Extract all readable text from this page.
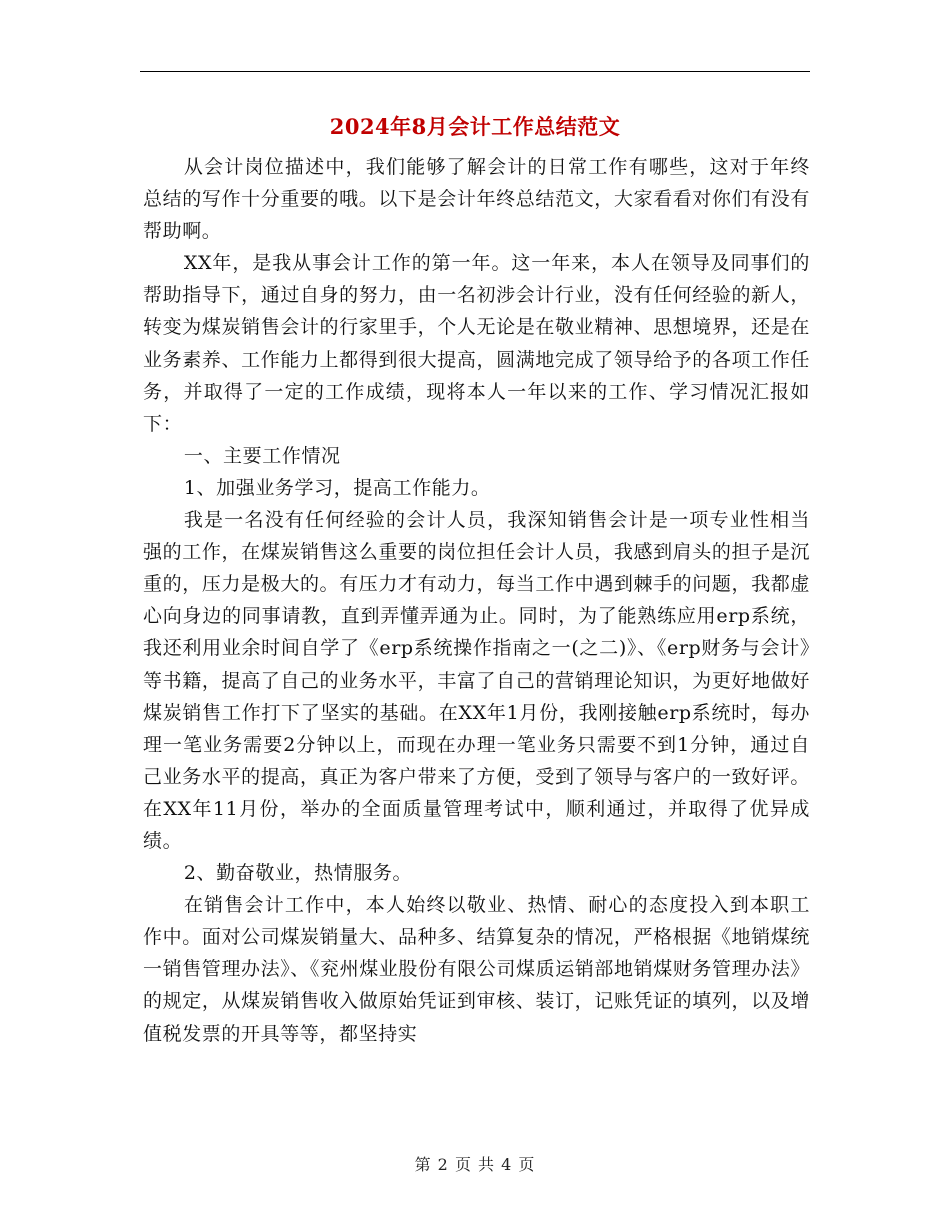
2024年8月会计工作总结范文

从会计岗位描述中，我们能够了解会计的日常工作有哪些，这对于年终总结的写作十分重要的哦。以下是会计年终总结范文，大家看看对你们有没有帮助啊。

XX年，是我从事会计工作的第一年。这一年来，本人在领导及同事们的帮助指导下，通过自身的努力，由一名初涉会计行业，没有任何经验的新人，转变为煤炭销售会计的行家里手，个人无论是在敬业精神、思想境界，还是在业务素养、工作能力上都得到很大提高，圆满地完成了领导给予的各项工作任务，并取得了一定的工作成绩，现将本人一年以来的工作、学习情况汇报如下：

一、主要工作情况

1、加强业务学习，提高工作能力。

我是一名没有任何经验的会计人员，我深知销售会计是一项专业性相当强的工作，在煤炭销售这么重要的岗位担任会计人员，我感到肩头的担子是沉重的，压力是极大的。有压力才有动力，每当工作中遇到棘手的问题，我都虚心向身边的同事请教，直到弄懂弄通为止。同时，为了能熟练应用erp系统，我还利用业余时间自学了《erp系统操作指南之一(之二)》、《erp财务与会计》等书籍，提高了自己的业务水平，丰富了自己的营销理论知识，为更好地做好煤炭销售工作打下了坚实的基础。在XX年1月份，我刚接触erp系统时，每办理一笔业务需要2分钟以上，而现在办理一笔业务只需要不到1分钟，通过自己业务水平的提高，真正为客户带来了方便，受到了领导与客户的一致好评。在XX年11月份，举办的全面质量管理考试中，顺利通过，并取得了优异成绩。

2、勤奋敬业，热情服务。

在销售会计工作中，本人始终以敬业、热情、耐心的态度投入到本职工作中。面对公司煤炭销量大、品种多、结算复杂的情况，严格根据《地销煤统一销售管理办法》、《兖州煤业股份有限公司煤质运销部地销煤财务管理办法》的规定，从煤炭销售收入做原始凭证到审核、装订，记账凭证的填列，以及增值税发票的开具等等，都坚持实

第 2 页 共 4 页
